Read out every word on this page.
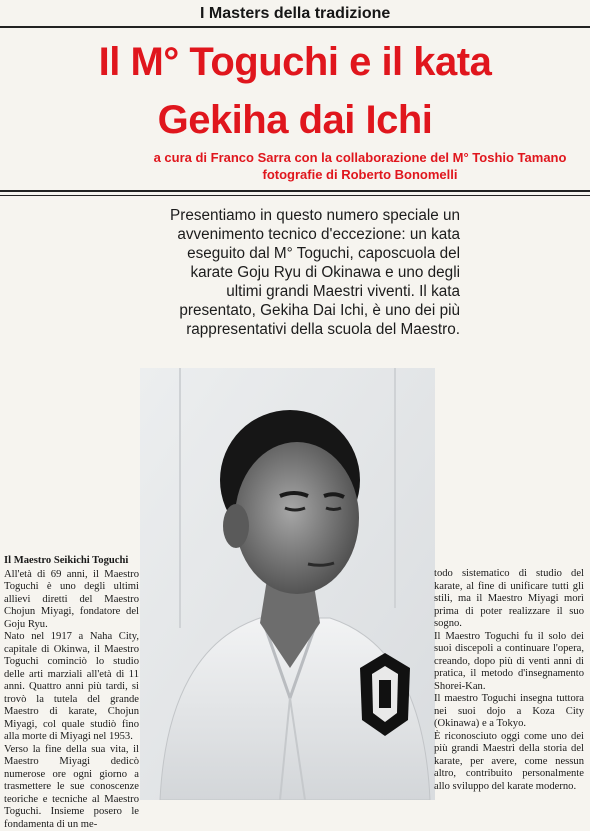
I Masters della tradizione
Il M° Toguchi e il kata
Gekiha dai Ichi
a cura di Franco Sarra con la collaborazione del M° Toshio Tamano
fotografie di Roberto Bonomelli
Presentiamo in questo numero speciale un
avvenimento tecnico d'eccezione: un kata
eseguito dal M° Toguchi, caposcuola del
karate Goju Ryu di Okinawa e uno degli
ultimi grandi Maestri viventi. Il kata
presentato, Gekiha Dai Ichi, è uno dei più
rappresentativi della scuola del Maestro.

Il Maestro Seikichi Toguchi

All'età di 69 anni, il Maestro Toguchi è uno degli ultimi allievi diretti del Maestro Chojun Miyagi, fondatore del Goju Ryu.

Nato nel 1917 a Naha City, capitale di Okinwa, il Maestro Toguchi cominciò lo studio delle arti marziali all'età di 11 anni. Quattro anni più tardi, si trovò la tutela del grande Maestro di karate, Chojun Miyagi, col quale studiò fino alla morte di Miyagi nel 1953.

Verso la fine della sua vita, il Maestro Miyagi dedicò numerose ore ogni giorno a trasmettere le sue conoscenze teoriche e tecniche al Maestro Toguchi. Insieme posero le fondamenta di un me-

todo sistematico di studio del karate, al fine di unificare tutti gli stili, ma il Maestro Miyagi morì prima di poter realizzare il suo sogno.

Il Maestro Toguchi fu il solo dei suoi discepoli a continuare l'opera, creando, dopo più di venti anni di pratica, il metodo d'insegnamento Shorei-Kan.

Il maestro Toguchi insegna tuttora nei suoi dojo a Koza City (Okinawa) e a Tokyo.

È riconosciuto oggi come uno dei più grandi Maestri della storia del karate, per avere, come nessun altro, contribuito personalmente allo sviluppo del karate moderno.
